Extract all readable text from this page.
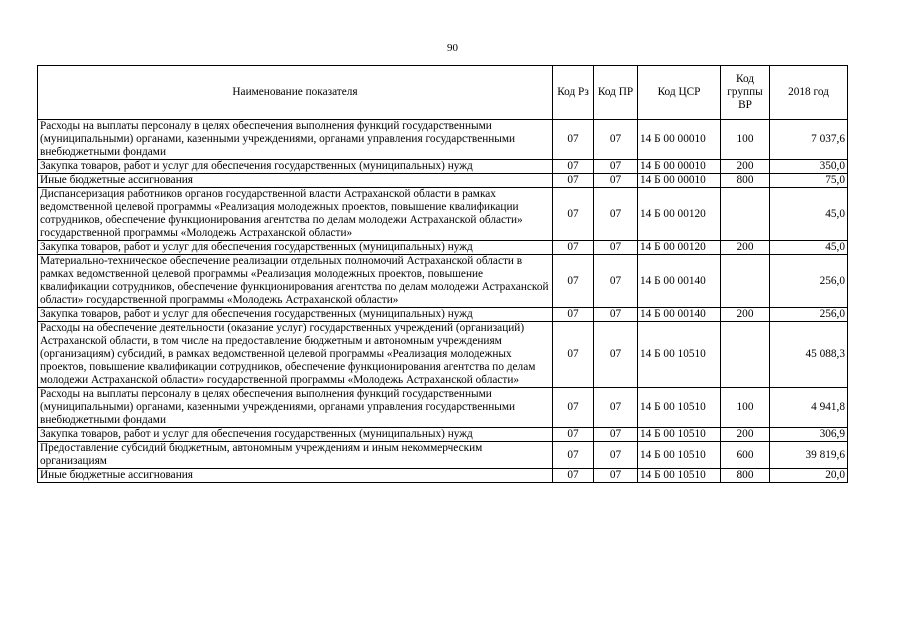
90
Наименование показателя	Код Рз	Код ПР	Код ЦСР	Код группы ВР	2018 год
Расходы на выплаты персоналу в целях обеспечения выполнения функций государственными (муниципальными) органами, казенными учреждениями, органами управления государственными внебюджетными фондами	07	07	14 Б 00 00010	100	7 037,6
Закупка товаров, работ и услуг для обеспечения государственных (муниципальных) нужд	07	07	14 Б 00 00010	200	350,0
Иные бюджетные ассигнования	07	07	14 Б 00 00010	800	75,0
Диспансеризация работников органов государственной власти Астраханской области в рамках ведомственной целевой программы «Реализация молодежных проектов, повышение квалификации сотрудников, обеспечение функционирования агентства по делам молодежи Астраханской области» государственной программы «Молодежь Астраханской области»	07	07	14 Б 00 00120		45,0
Закупка товаров, работ и услуг для обеспечения государственных (муниципальных) нужд	07	07	14 Б 00 00120	200	45,0
Материально-техническое обеспечение реализации отдельных полномочий Астраханской области в рамках ведомственной целевой программы «Реализация молодежных проектов, повышение квалификации сотрудников, обеспечение функционирования агентства по делам молодежи Астраханской области» государственной программы «Молодежь Астраханской области»	07	07	14 Б 00 00140		256,0
Закупка товаров, работ и услуг для обеспечения государственных (муниципальных) нужд	07	07	14 Б 00 00140	200	256,0
Расходы на обеспечение деятельности (оказание услуг) государственных учреждений (организаций) Астраханской области, в том числе на предоставление бюджетным и автономным учреждениям (организациям) субсидий, в рамках ведомственной целевой программы «Реализация молодежных проектов, повышение квалификации сотрудников, обеспечение функционирования агентства по делам молодежи Астраханской области» государственной программы «Молодежь Астраханской области»	07	07	14 Б 00 10510		45 088,3
Расходы на выплаты персоналу в целях обеспечения выполнения функций государственными (муниципальными) органами, казенными учреждениями, органами управления государственными внебюджетными фондами	07	07	14 Б 00 10510	100	4 941,8
Закупка товаров, работ и услуг для обеспечения государственных (муниципальных) нужд	07	07	14 Б 00 10510	200	306,9
Предоставление субсидий бюджетным, автономным учреждениям и иным некоммерческим организациям	07	07	14 Б 00 10510	600	39 819,6
Иные бюджетные ассигнования	07	07	14 Б 00 10510	800	20,0
